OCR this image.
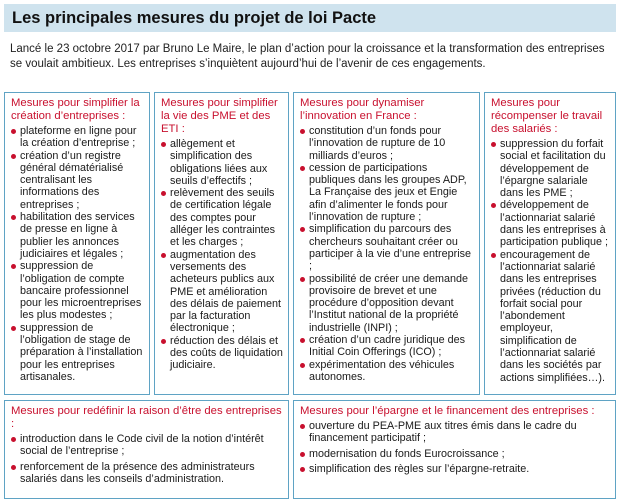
Les principales mesures du projet de loi Pacte

Lancé le 23 octobre 2017 par Bruno Le Maire, le plan d’action pour la croissance et la transformation des entreprises se voulait ambitieux. Les entreprises s’inquiètent aujourd’hui de l’avenir de ces engagements.

Mesures pour simplifier la création d’entreprises :
plateforme en ligne pour la création d’entreprise ;
création d’un registre général dématérialisé centralisant les informations des entreprises ;
habilitation des services de presse en ligne à publier les annonces judiciaires et légales ;
suppression de l’obligation de compte bancaire professionnel pour les microentreprises les plus modestes ;
suppression de l’obligation de stage de préparation à l’installation pour les entreprises artisanales.
Mesures pour simplifier la vie des PME et des ETI :
allègement et simplification des obligations liées aux seuils d’effectifs ;
relèvement des seuils de certification légale des comptes pour alléger les contraintes et les charges ;
augmentation des versements des acheteurs publics aux PME et amélioration des délais de paiement par la facturation électronique ;
réduction des délais et des coûts de liquidation judiciaire.
Mesures pour dynamiser l’innovation en France :
constitution d’un fonds pour l’innovation de rupture de 10 milliards d’euros ;
cession de participations publiques dans les groupes ADP, La Française des jeux et Engie afin d’alimenter le fonds pour l’innovation de rupture ;
simplification du parcours des chercheurs souhaitant créer ou participer à la vie d’une entreprise ;
possibilité de créer une demande provisoire de brevet et une procédure d’opposition devant l’Institut national de la propriété industrielle (INPI) ;
création d’un cadre juridique des Initial Coin Offerings (ICO) ;
expérimentation des véhicules autonomes.
Mesures pour récompenser le travail des salariés :
suppression du forfait social et facilitation du développement de l’épargne salariale dans les PME ;
développement de l’actionnariat salarié dans les entreprises à participation publique ;
encouragement de l’actionnariat salarié dans les entreprises privées (réduction du forfait social pour l’abondement employeur, simplification de l’actionnariat salarié dans les sociétés par actions simplifiées…).
Mesures pour redéfinir la raison d’être des entreprises :
introduction dans le Code civil de la notion d’intérêt social de l’entreprise ;
renforcement de la présence des administrateurs salariés dans les conseils d’administration.
Mesures pour l’épargne et le financement des entreprises :
ouverture du PEA-PME aux titres émis dans le cadre du financement participatif ;
modernisation du fonds Eurocroissance ;
simplification des règles sur l’épargne-retraite.
